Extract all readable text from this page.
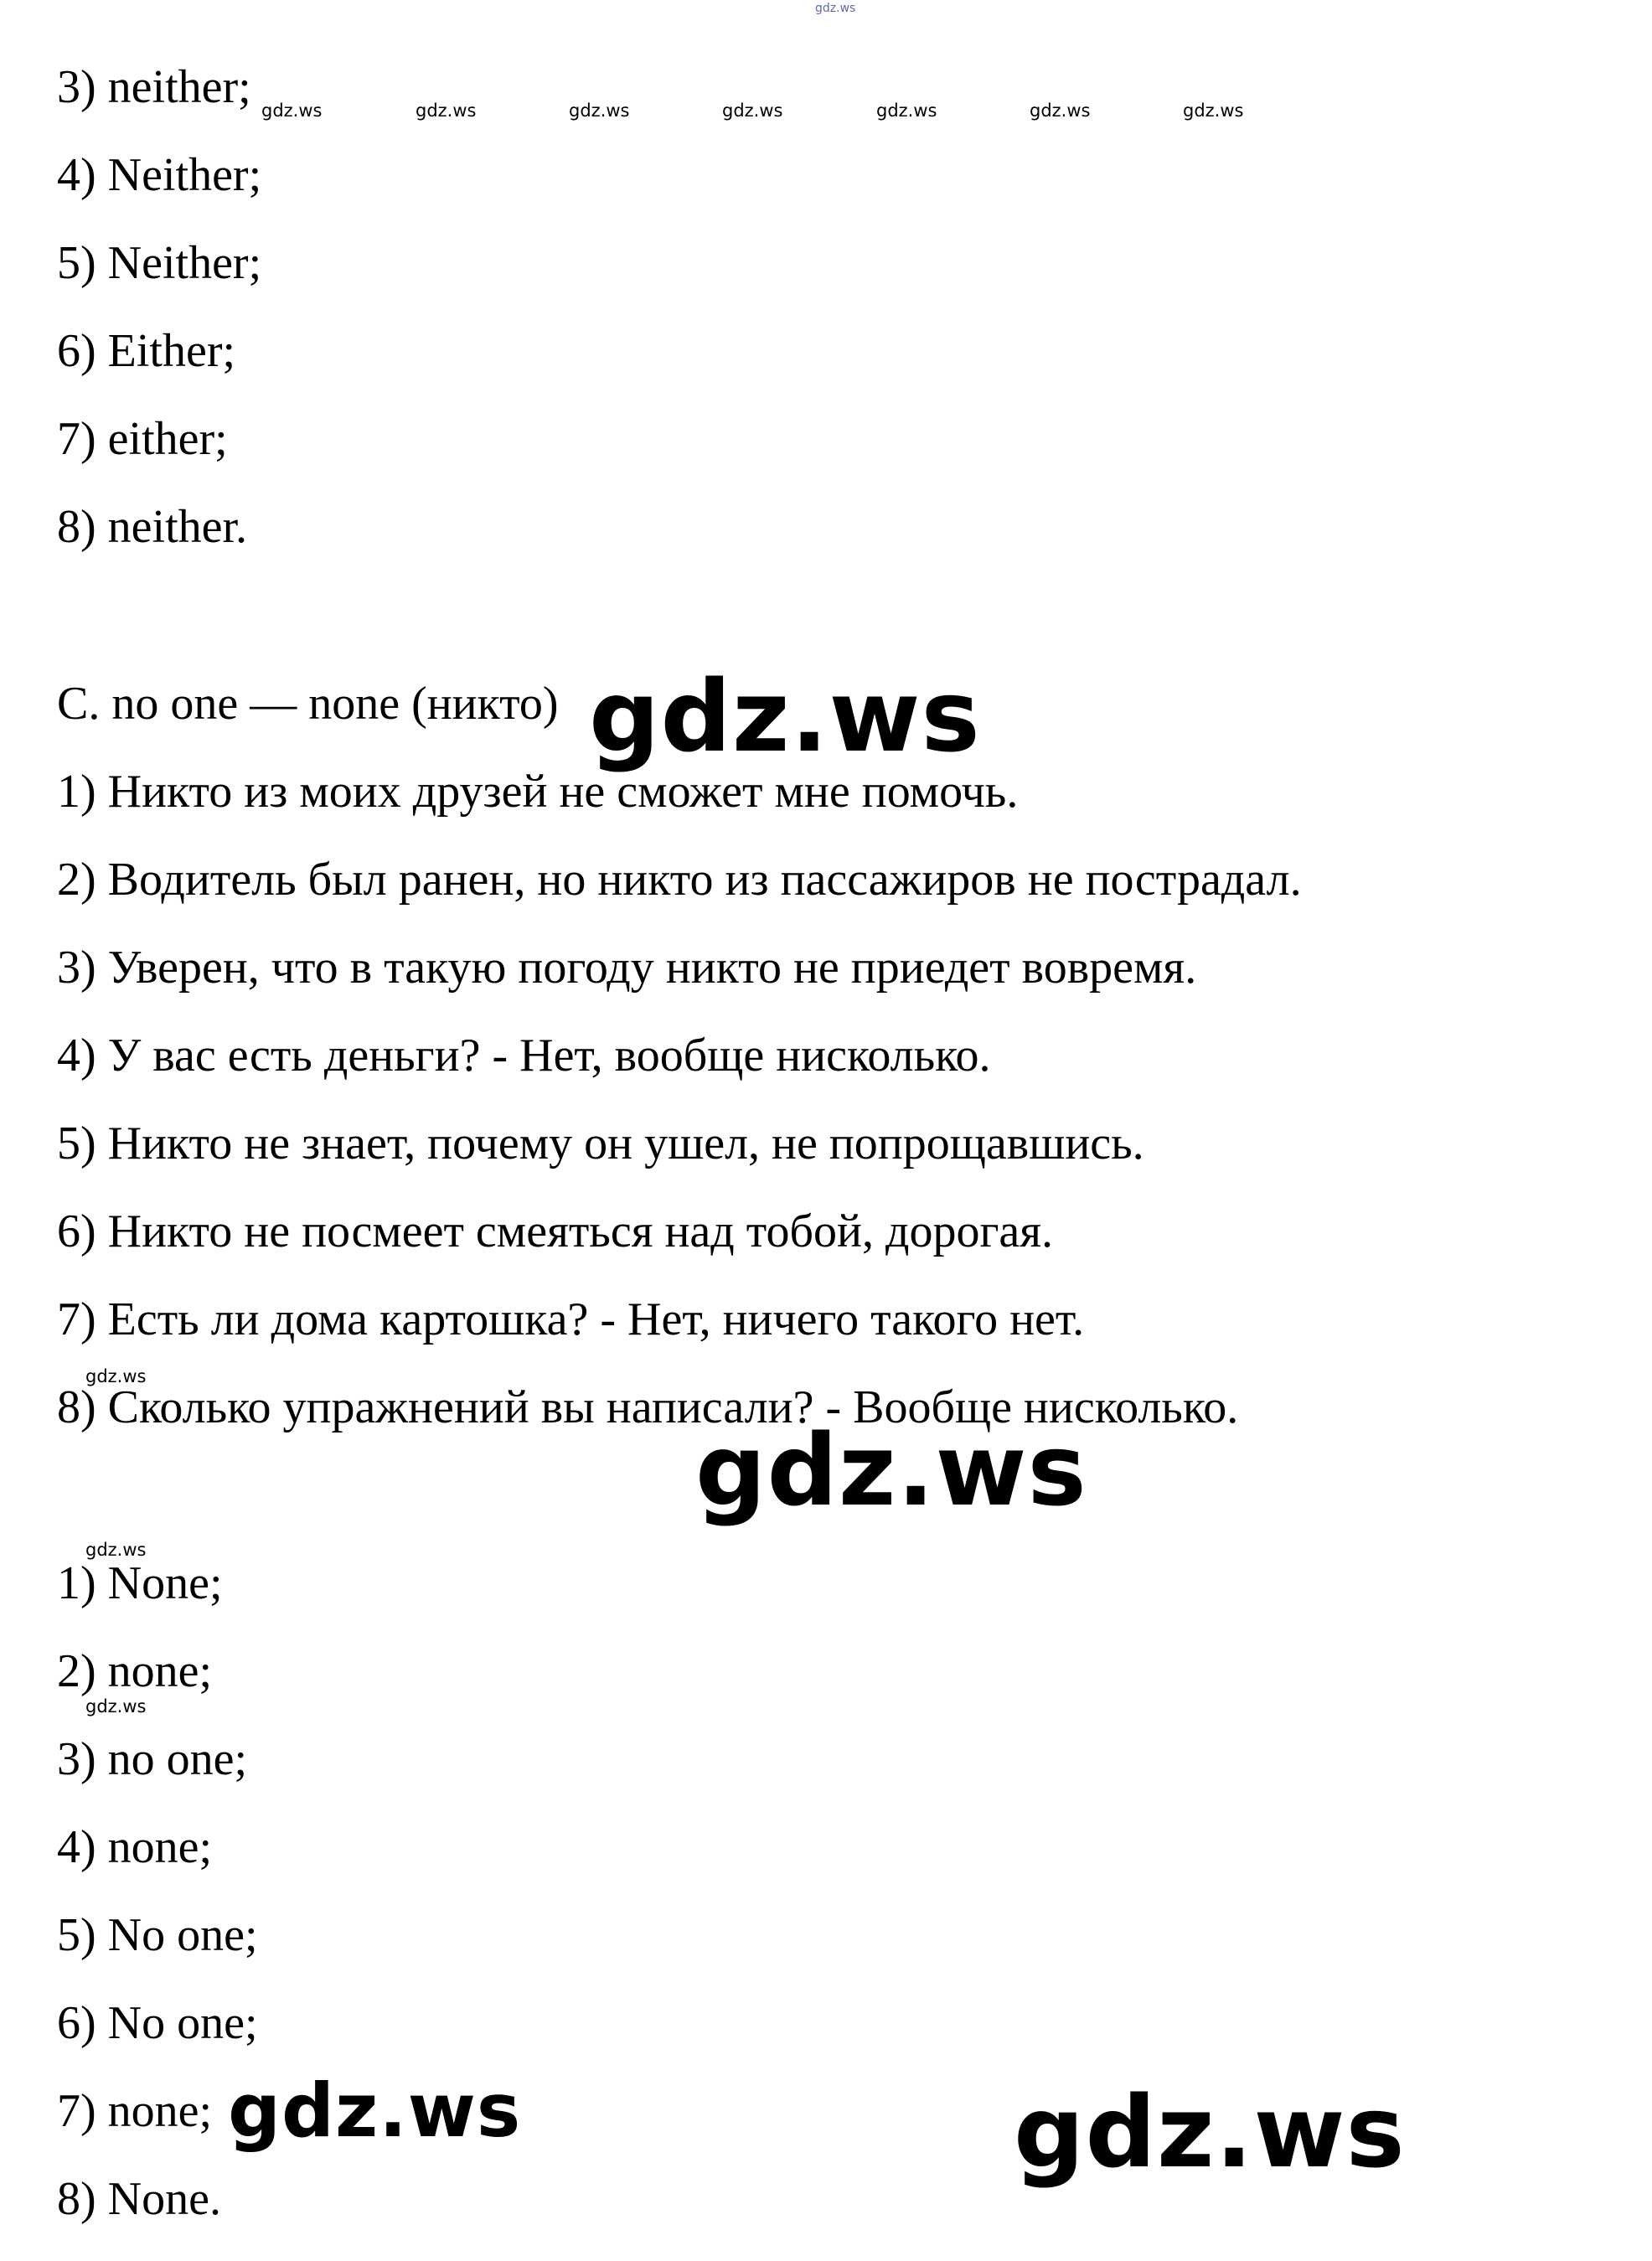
gdz.ws
3) neither;
4) Neither;
5) Neither;
6) Either;
7) either;
8) neither.
gdz.ws	gdz.ws	gdz.ws	gdz.ws	gdz.ws	gdz.ws	gdz.ws
C. no one — none (никто)
1) Никто из моих друзей не сможет мне помочь.
2) Водитель был ранен, но никто из пассажиров не пострадал.
3) Уверен, что в такую погоду никто не приедет вовремя.
4) У вас есть деньги? - Нет, вообще нисколько.
5) Никто не знает, почему он ушел, не попрощавшись.
6) Никто не посмеет смеяться над тобой, дорогая.
7) Есть ли дома картошка? - Нет, ничего такого нет.
8) Сколько упражнений вы написали? - Вообще нисколько.
1) None;
2) none;
3) no one;
4) none;
5) No one;
6) No one;
7) none;
8) None.
gdz.ws
gdz.ws
gdz.ws
gdz.ws
gdz.ws
gdz.ws	gdz.ws
